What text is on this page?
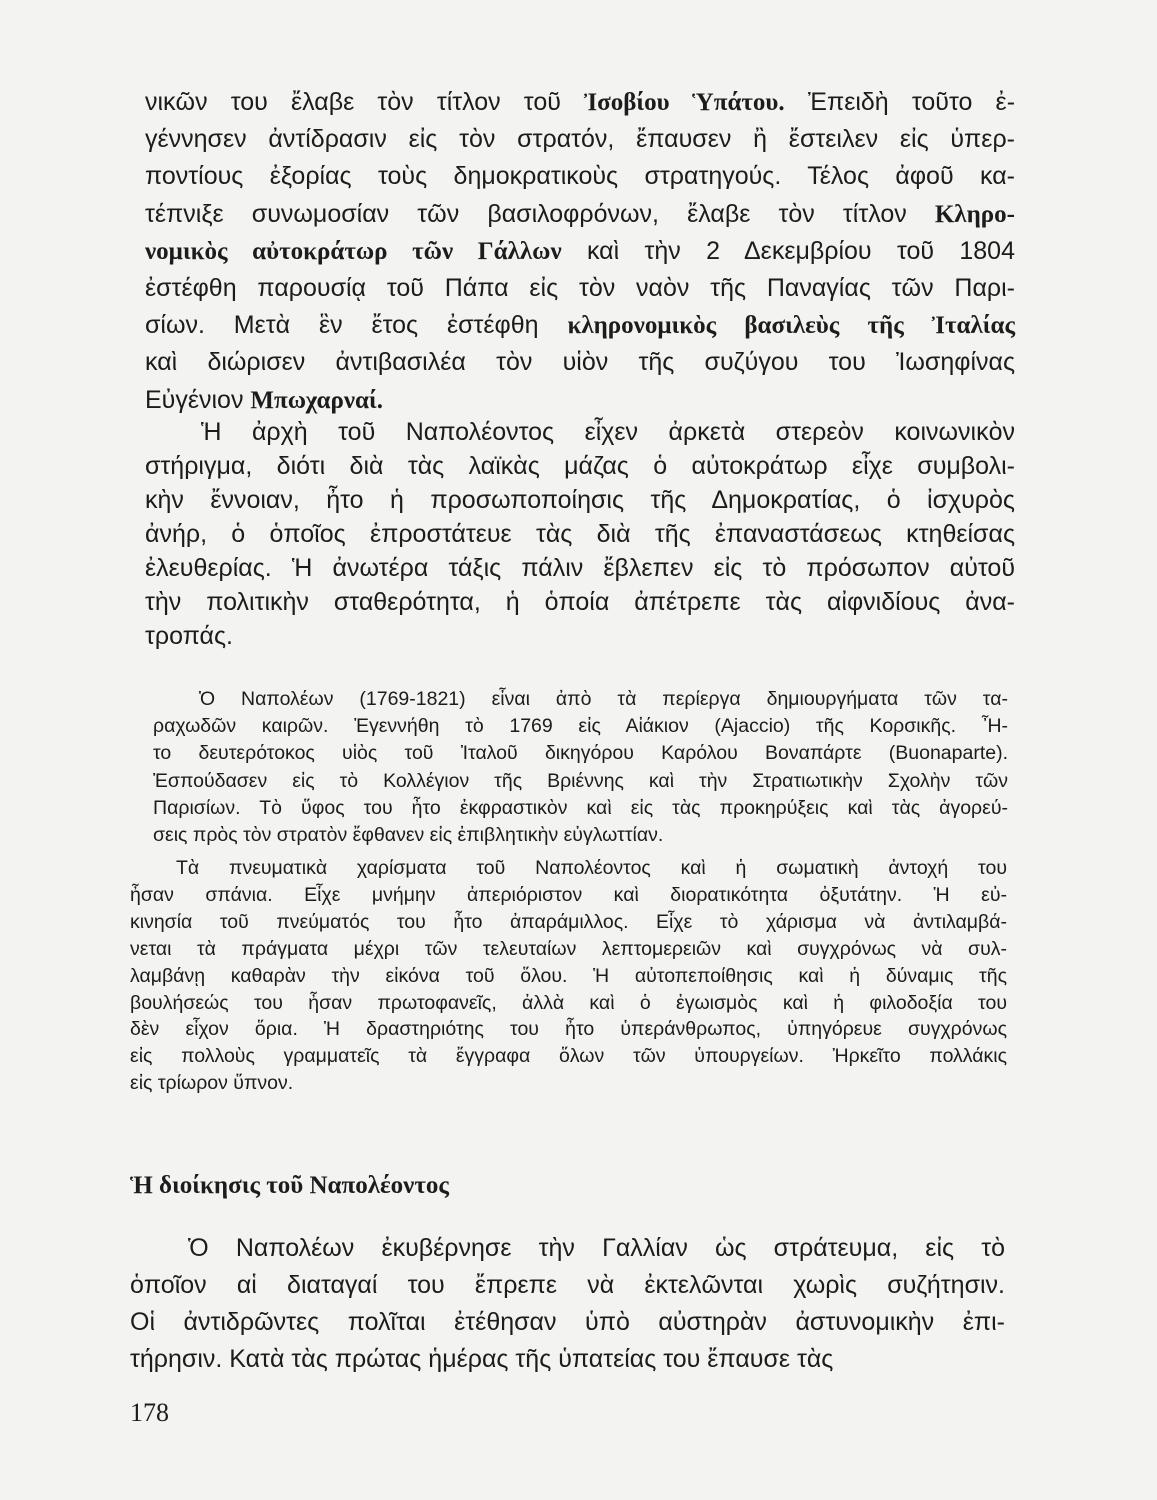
νικῶν του ἔλαβε τὸν τίτλον τοῦ Ἰσοβίου Ὑπάτου. Ἐπειδὴ τοῦτο ἐ-
γέννησεν ἀντίδρασιν εἰς τὸν στρατόν, ἔπαυσεν ἢ ἔστειλεν εἰς ὑπερ-
ποντίους ἐξορίας τοὺς δημοκρατικοὺς στρατηγούς. Τέλος ἀφοῦ κα-
τέπνιξε συνωμοσίαν τῶν βασιλοφρόνων, ἔλαβε τὸν τίτλον Κληρο-
νομικὸς αὐτοκράτωρ τῶν Γάλλων καὶ τὴν 2 Δεκεμβρίου τοῦ 1804
ἐστέφθη παρουσίᾳ τοῦ Πάπα εἰς τὸν ναὸν τῆς Παναγίας τῶν Παρι-
σίων. Μετὰ ἓν ἔτος ἐστέφθη κληρονομικὸς βασιλεὺς τῆς Ἰταλίας
καὶ διώρισεν ἀντιβασιλέα τὸν υἱὸν τῆς συζύγου του Ἰωσηφίνας
Εὐγένιον Μπωχαρναί.
Ἡ ἀρχὴ τοῦ Ναπολέοντος εἶχεν ἀρκετὰ στερεὸν κοινωνικὸν
στήριγμα, διότι διὰ τὰς λαϊκὰς μάζας ὁ αὐτοκράτωρ εἶχε συμβολι-
κὴν ἔννοιαν, ἦτο ἡ προσωποποίησις τῆς Δημοκρατίας, ὁ ἰσχυρὸς
ἀνήρ, ὁ ὁποῖος ἐπροστάτευε τὰς διὰ τῆς ἐπαναστάσεως κτηθείσας
ἐλευθερίας. Ἡ ἀνωτέρα τάξις πάλιν ἔβλεπεν εἰς τὸ πρόσωπον αὐτοῦ
τὴν πολιτικὴν σταθερότητα, ἡ ὁποία ἀπέτρεπε τὰς αἰφνιδίους ἀνα-
τροπάς.
Ὁ Ναπολέων (1769-1821) εἶναι ἀπὸ τὰ περίεργα δημιουργήματα τῶν τα-
ραχωδῶν καιρῶν. Ἐγεννήθη τὸ 1769 εἰς Αἰάκιον (Ajaccio) τῆς Κορσικῆς. Ἦ-
το δευτερότοκος υἱὸς τοῦ Ἰταλοῦ δικηγόρου Καρόλου Βοναπάρτε (Buonaparte).
Ἐσπούδασεν εἰς τὸ Κολλέγιον τῆς Βριέννης καὶ τὴν Στρατιωτικὴν Σχολὴν τῶν
Παρισίων. Τὸ ὕφος του ἦτο ἐκφραστικὸν καὶ εἰς τὰς προκηρύξεις καὶ τὰς ἀγορεύ-
σεις πρὸς τὸν στρατὸν ἔφθανεν εἰς ἐπιβλητικὴν εὐγλωττίαν.
Τὰ πνευματικὰ χαρίσματα τοῦ Ναπολέοντος καὶ ἡ σωματικὴ ἀντοχή του
ἦσαν σπάνια. Εἶχε μνήμην ἀπεριόριστον καὶ διορατικότητα ὀξυτάτην. Ἡ εὐ-
κινησία τοῦ πνεύματός του ἦτο ἀπαράμιλλος. Εἶχε τὸ χάρισμα νὰ ἀντιλαμβά-
νεται τὰ πράγματα μέχρι τῶν τελευταίων λεπτομερειῶν καὶ συγχρόνως νὰ συλ-
λαμβάνῃ καθαρὰν τὴν εἰκόνα τοῦ ὅλου. Ἡ αὐτοπεποίθησις καὶ ἡ δύναμις τῆς
βουλήσεώς του ἦσαν πρωτοφανεῖς, ἀλλὰ καὶ ὁ ἐγωισμὸς καὶ ἡ φιλοδοξία του
δὲν εἶχον ὅρια. Ἡ δραστηριότης του ἦτο ὑπεράνθρωπος, ὑπηγόρευε συγχρόνως
εἰς πολλοὺς γραμματεῖς τὰ ἔγγραφα ὅλων τῶν ὑπουργείων. Ἠρκεῖτο πολλάκις
εἰς τρίωρον ὕπνον.
Ἡ διοίκησις τοῦ Ναπολέοντος
Ὁ Ναπολέων ἐκυβέρνησε τὴν Γαλλίαν ὡς στράτευμα, εἰς τὸ
ὁποῖον αἱ διαταγαί του ἔπρεπε νὰ ἐκτελῶνται χωρὶς συζήτησιν.
Οἱ ἀντιδρῶντες πολῖται ἐτέθησαν ὑπὸ αὐστηρὰν ἀστυνομικὴν ἐπι-
τήρησιν. Κατὰ τὰς πρώτας ἡμέρας τῆς ὑπατείας του ἔπαυσε τὰς
178
